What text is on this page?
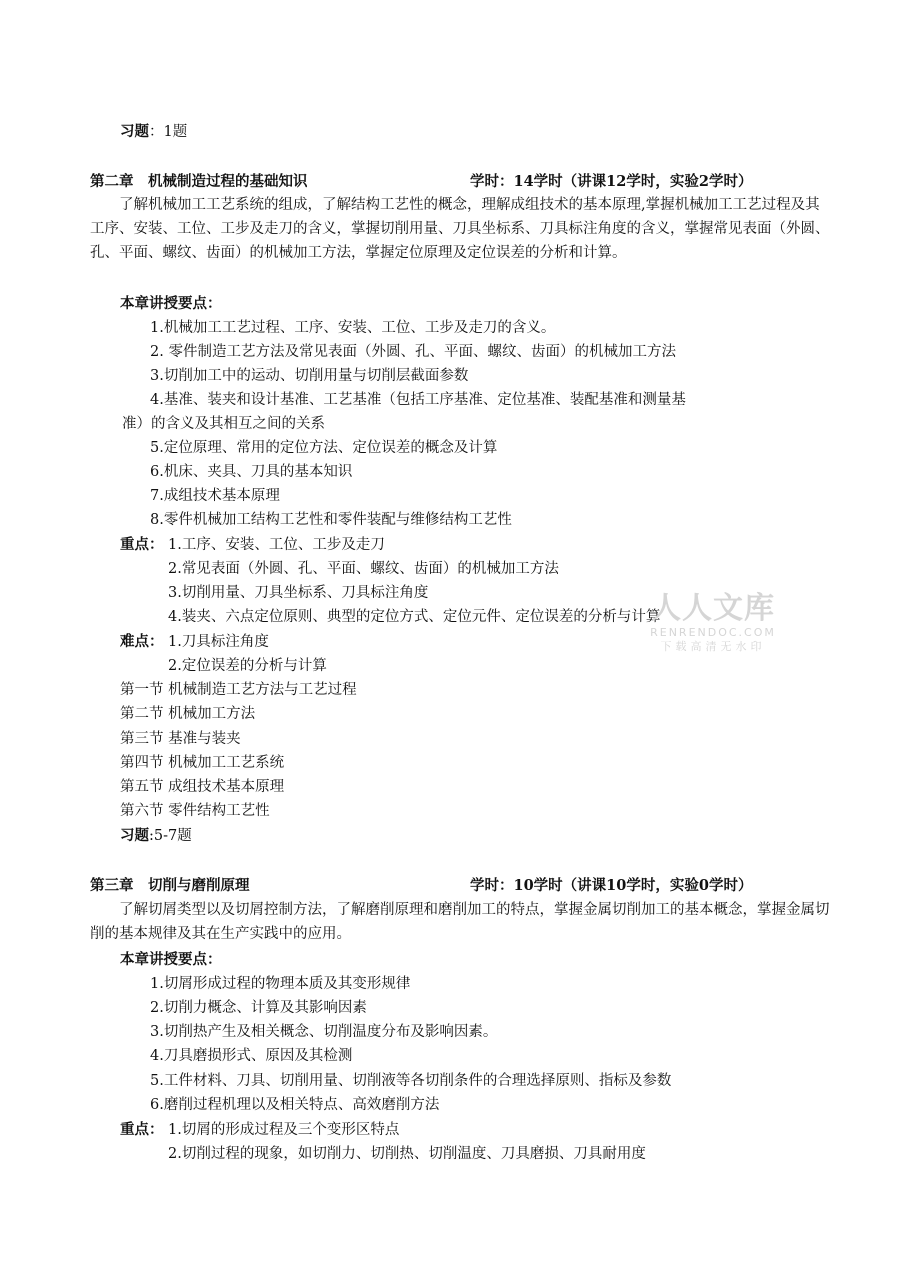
习题：1题
第二章　机械制造过程的基础知识	学时：14学时（讲课12学时，实验2学时）
了解机械加工工艺系统的组成，了解结构工艺性的概念，理解成组技术的基本原理,掌握机械加工工艺过程及其工序、安装、工位、工步及走刀的含义，掌握切削用量、刀具坐标系、刀具标注角度的含义，掌握常见表面（外圆、孔、平面、螺纹、齿面）的机械加工方法，掌握定位原理及定位误差的分析和计算。
本章讲授要点：
1.机械加工工艺过程、工序、安装、工位、工步及走刀的含义。
2. 零件制造工艺方法及常见表面（外圆、孔、平面、螺纹、齿面）的机械加工方法
3.切削加工中的运动、切削用量与切削层截面参数
4.基准、装夹和设计基准、工艺基准（包括工序基准、定位基准、装配基准和测量基
准）的含义及其相互之间的关系
5.定位原理、常用的定位方法、定位误差的概念及计算
6.机床、夹具、刀具的基本知识
7.成组技术基本原理
8.零件机械加工结构工艺性和零件装配与维修结构工艺性
重点： 1.工序、安装、工位、工步及走刀
2.常见表面（外圆、孔、平面、螺纹、齿面）的机械加工方法
3.切削用量、刀具坐标系、刀具标注角度
4.装夹、六点定位原则、典型的定位方式、定位元件、定位误差的分析与计算
难点： 1.刀具标注角度
2.定位误差的分析与计算
第一节 机械制造工艺方法与工艺过程
第二节 机械加工方法
第三节 基准与装夹
第四节 机械加工工艺系统
第五节 成组技术基本原理
第六节 零件结构工艺性
习题:5-7题
第三章　切削与磨削原理	学时：10学时（讲课10学时，实验0学时）
了解切屑类型以及切屑控制方法，了解磨削原理和磨削加工的特点，掌握金属切削加工的基本概念，掌握金属切削的基本规律及其在生产实践中的应用。
本章讲授要点：
1.切屑形成过程的物理本质及其变形规律
2.切削力概念、计算及其影响因素
3.切削热产生及相关概念、切削温度分布及影响因素。
4.刀具磨损形式、原因及其检测
5.工件材料、刀具、切削用量、切削液等各切削条件的合理选择原则、指标及参数
6.磨削过程机理以及相关特点、高效磨削方法
重点： 1.切屑的形成过程及三个变形区特点
2.切削过程的现象，如切削力、切削热、切削温度、刀具磨损、刀具耐用度
人人文库
RENRENDOC.COM
下载高清无水印
